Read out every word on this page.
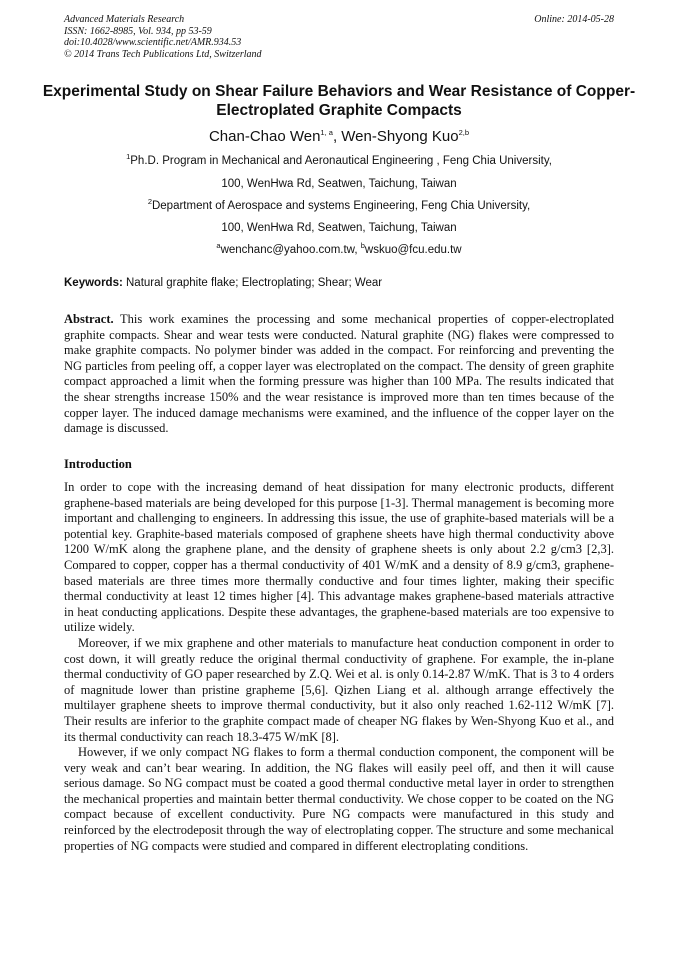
Advanced Materials Research
ISSN: 1662-8985, Vol. 934, pp 53-59
doi:10.4028/www.scientific.net/AMR.934.53
© 2014 Trans Tech Publications Ltd, Switzerland
Online: 2014-05-28
Experimental Study on Shear Failure Behaviors and Wear Resistance of Copper-Electroplated Graphite Compacts
Chan-Chao Wen$^{1, a}$, Wen-Shyong Kuo$^{2,b}$
$^1$Ph.D. Program in Mechanical and Aeronautical Engineering , Feng Chia University,
100, WenHwa Rd, Seatwen, Taichung, Taiwan
$^2$Department of Aerospace and systems Engineering, Feng Chia University,
100, WenHwa Rd, Seatwen, Taichung, Taiwan
$^a$wenchanc@yahoo.com.tw, $^b$wskuo@fcu.edu.tw
Keywords: Natural graphite flake; Electroplating; Shear; Wear
Abstract. This work examines the processing and some mechanical properties of copper-electroplated graphite compacts. Shear and wear tests were conducted. Natural graphite (NG) flakes were compressed to make graphite compacts. No polymer binder was added in the compact. For reinforcing and preventing the NG particles from peeling off, a copper layer was electroplated on the compact. The density of green graphite compact approached a limit when the forming pressure was higher than 100 MPa. The results indicated that the shear strengths increase 150% and the wear resistance is improved more than ten times because of the copper layer. The induced damage mechanisms were examined, and the influence of the copper layer on the damage is discussed.
Introduction

In order to cope with the increasing demand of heat dissipation for many electronic products, different graphene-based materials are being developed for this purpose [1-3]. Thermal management is becoming more important and challenging to engineers. In addressing this issue, the use of graphite-based materials will be a potential key. Graphite-based materials composed of graphene sheets have high thermal conductivity above 1200 W/mK along the graphene plane, and the density of graphene sheets is only about 2.2 g/cm3 [2,3]. Compared to copper, copper has a thermal conductivity of 401 W/mK and a density of 8.9 g/cm3, graphene-based materials are three times more thermally conductive and four times lighter, making their specific thermal conductivity at least 12 times higher [4]. This advantage makes graphene-based materials attractive in heat conducting applications. Despite these advantages, the graphene-based materials are too expensive to utilize widely.

Moreover, if we mix graphene and other materials to manufacture heat conduction component in order to cost down, it will greatly reduce the original thermal conductivity of graphene. For example, the in-plane thermal conductivity of GO paper researched by Z.Q. Wei et al. is only 0.14-2.87 W/mK. That is 3 to 4 orders of magnitude lower than pristine grapheme [5,6]. Qizhen Liang et al. although arrange effectively the multilayer graphene sheets to improve thermal conductivity, but it also only reached 1.62-112 W/mK [7]. Their results are inferior to the graphite compact made of cheaper NG flakes by Wen-Shyong Kuo et al., and its thermal conductivity can reach 18.3-475 W/mK [8].

However, if we only compact NG flakes to form a thermal conduction component, the component will be very weak and can’t bear wearing. In addition, the NG flakes will easily peel off, and then it will cause serious damage. So NG compact must be coated a good thermal conductive metal layer in order to strengthen the mechanical properties and maintain better thermal conductivity. We chose copper to be coated on the NG compact because of excellent conductivity. Pure NG compacts were manufactured in this study and reinforced by the electrodeposit through the way of electroplating copper. The structure and some mechanical properties of NG compacts were studied and compared in different electroplating conditions.
